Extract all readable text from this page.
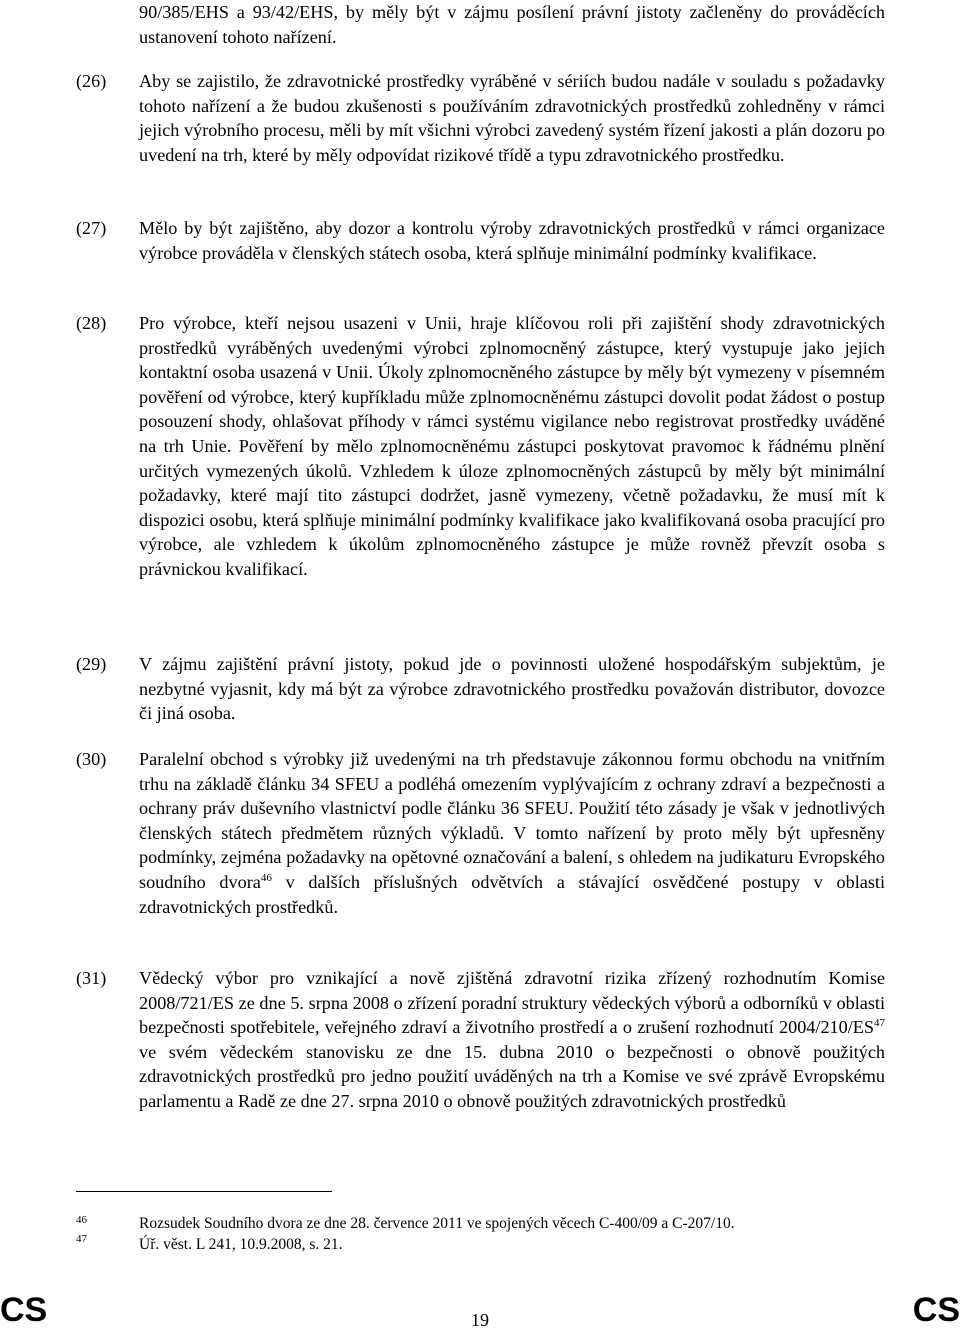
90/385/EHS a 93/42/EHS, by měly být v zájmu posílení právní jistoty začleněny do prováděcích ustanovení tohoto nařízení.
(26) Aby se zajistilo, že zdravotnické prostředky vyráběné v sériích budou nadále v souladu s požadavky tohoto nařízení a že budou zkušenosti s používáním zdravotnických prostředků zohledněny v rámci jejich výrobního procesu, měli by mít všichni výrobci zavedený systém řízení jakosti a plán dozoru po uvedení na trh, které by měly odpovídat rizikové třídě a typu zdravotnického prostředku.
(27) Mělo by být zajištěno, aby dozor a kontrolu výroby zdravotnických prostředků v rámci organizace výrobce prováděla v členských státech osoba, která splňuje minimální podmínky kvalifikace.
(28) Pro výrobce, kteří nejsou usazeni v Unii, hraje klíčovou roli při zajištění shody zdravotnických prostředků vyráběných uvedenými výrobci zplnomocněný zástupce, který vystupuje jako jejich kontaktní osoba usazená v Unii. Úkoly zplnomocněného zástupce by měly být vymezeny v písemném pověření od výrobce, který kupříkladu může zplnomocněnému zástupci dovolit podat žádost o postup posouzení shody, ohlašovat příhody v rámci systému vigilance nebo registrovat prostředky uváděné na trh Unie. Pověření by mělo zplnomocněnému zástupci poskytovat pravomoc k řádnému plnění určitých vymezených úkolů. Vzhledem k úloze zplnomocněných zástupců by měly být minimální požadavky, které mají tito zástupci dodržet, jasně vymezeny, včetně požadavku, že musí mít k dispozici osobu, která splňuje minimální podmínky kvalifikace jako kvalifikovaná osoba pracující pro výrobce, ale vzhledem k úkolům zplnomocněného zástupce je může rovněž převzít osoba s právnickou kvalifikací.
(29) V zájmu zajištění právní jistoty, pokud jde o povinnosti uložené hospodářským subjektům, je nezbytné vyjasnit, kdy má být za výrobce zdravotnického prostředku považován distributor, dovozce či jiná osoba.
(30) Paralelní obchod s výrobky již uvedenými na trh představuje zákonnou formu obchodu na vnitřním trhu na základě článku 34 SFEU a podléhá omezením vyplývajícím z ochrany zdraví a bezpečnosti a ochrany práv duševního vlastnictví podle článku 36 SFEU. Použití této zásady je však v jednotlivých členských státech předmětem různých výkladů. V tomto nařízení by proto měly být upřesněny podmínky, zejména požadavky na opětovné označování a balení, s ohledem na judikaturu Evropského soudního dvora$^{46}$ v dalších příslušných odvětvích a stávající osvědčené postupy v oblasti zdravotnických prostředků.
(31) Vědecký výbor pro vznikající a nově zjištěná zdravotní rizika zřízený rozhodnutím Komise 2008/721/ES ze dne 5. srpna 2008 o zřízení poradní struktury vědeckých výborů a odborníků v oblasti bezpečnosti spotřebitele, veřejného zdraví a životního prostředí a o zrušení rozhodnutí 2004/210/ES$^{47}$ ve svém vědeckém stanovisku ze dne 15. dubna 2010 o bezpečnosti o obnově použitých zdravotnických prostředků pro jedno použití uváděných na trh a Komise ve své zprávě Evropskému parlamentu a Radě ze dne 27. srpna 2010 o obnově použitých zdravotnických prostředků
46	Rozsudek Soudního dvora ze dne 28. července 2011 ve spojených věcech C-400/09 a C-207/10.
47	Úř. věst. L 241, 10.9.2008, s. 21.
CS	19	CS
